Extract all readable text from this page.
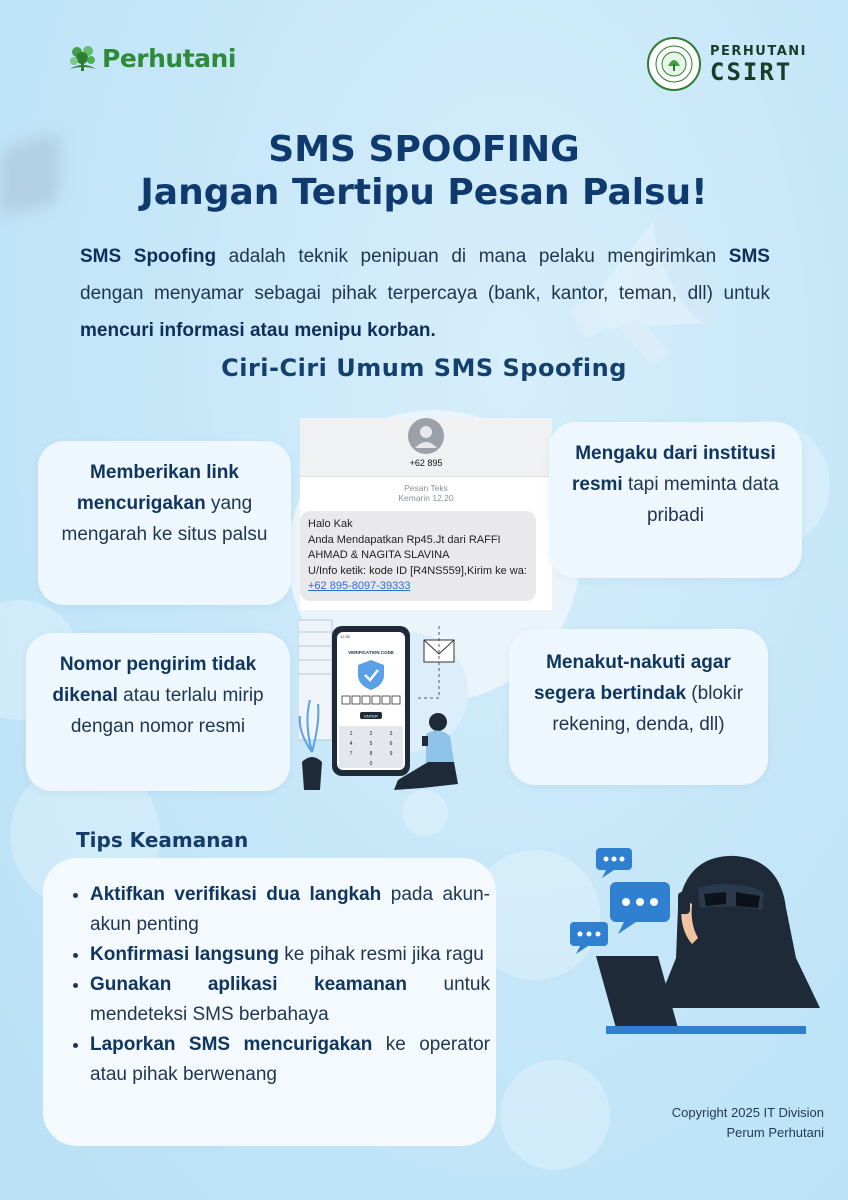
Perhutani	PERHUTANI
CSIRT
SMS SPOOFING
Jangan Tertipu Pesan Palsu!
SMS Spoofing adalah teknik penipuan di mana pelaku mengirimkan SMS dengan menyamar sebagai pihak terpercaya (bank, kantor, teman, dll) untuk mencuri informasi atau menipu korban.
Ciri-Ciri Umum SMS Spoofing
+62 895
Pesan Teks
Kemarin 12.20
Halo Kak
Anda Mendapatkan Rp45.Jt dari RAFFI AHMAD & NAGITA SLAVINA
U/Info ketik: kode ID [R4NS559],Kirim ke wa: +62 895-8097-39333
12:30
VERIFICATION CODE
ENTER
1	2	3
4	5	6
7	8	9
0
Memberikan link mencurigakan yang mengarah ke situs palsu
Mengaku dari institusi resmi tapi meminta data pribadi
Nomor pengirim tidak dikenal atau terlalu mirip dengan nomor resmi
Menakut-nakuti agar segera bertindak (blokir rekening, denda, dll)
Tips Keamanan
• Aktifkan verifikasi dua langkah pada akun-akun penting
• Konfirmasi langsung ke pihak resmi jika ragu
• Gunakan aplikasi keamanan untuk mendeteksi SMS berbahaya
• Laporkan SMS mencurigakan ke operator atau pihak berwenang
Copyright 2025 IT Division
Perum Perhutani
